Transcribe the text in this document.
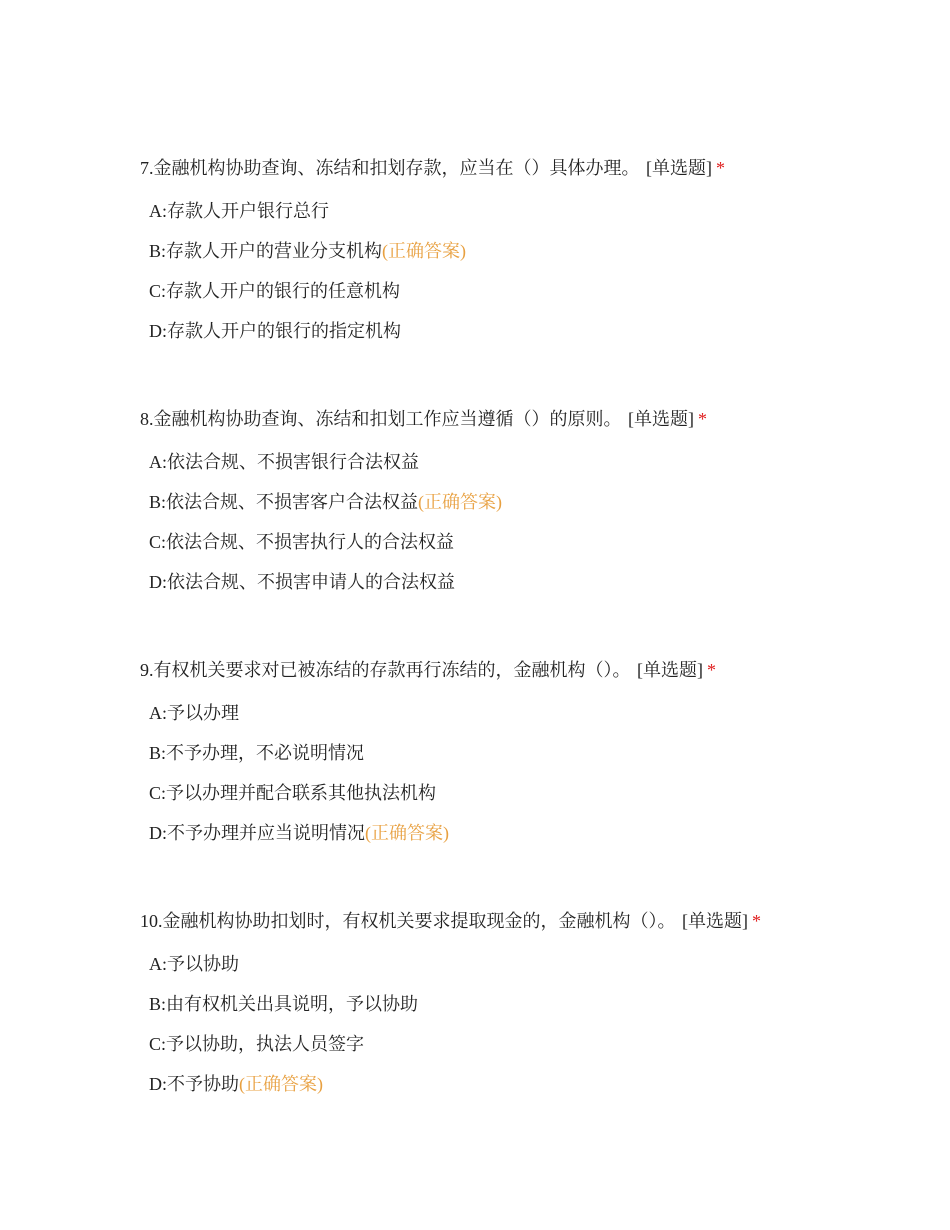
7.金融机构协助查询、冻结和扣划存款，应当在（）具体办理。 [单选题] *
A:存款人开户银行总行
B:存款人开户的营业分支机构(正确答案)
C:存款人开户的银行的任意机构
D:存款人开户的银行的指定机构
8.金融机构协助查询、冻结和扣划工作应当遵循（）的原则。 [单选题] *
A:依法合规、不损害银行合法权益
B:依法合规、不损害客户合法权益(正确答案)
C:依法合规、不损害执行人的合法权益
D:依法合规、不损害申请人的合法权益
9.有权机关要求对已被冻结的存款再行冻结的，金融机构（）。 [单选题] *
A:予以办理
B:不予办理，不必说明情况
C:予以办理并配合联系其他执法机构
D:不予办理并应当说明情况(正确答案)
10.金融机构协助扣划时，有权机关要求提取现金的，金融机构（）。 [单选题] *
A:予以协助
B:由有权机关出具说明，予以协助
C:予以协助，执法人员签字
D:不予协助(正确答案)
